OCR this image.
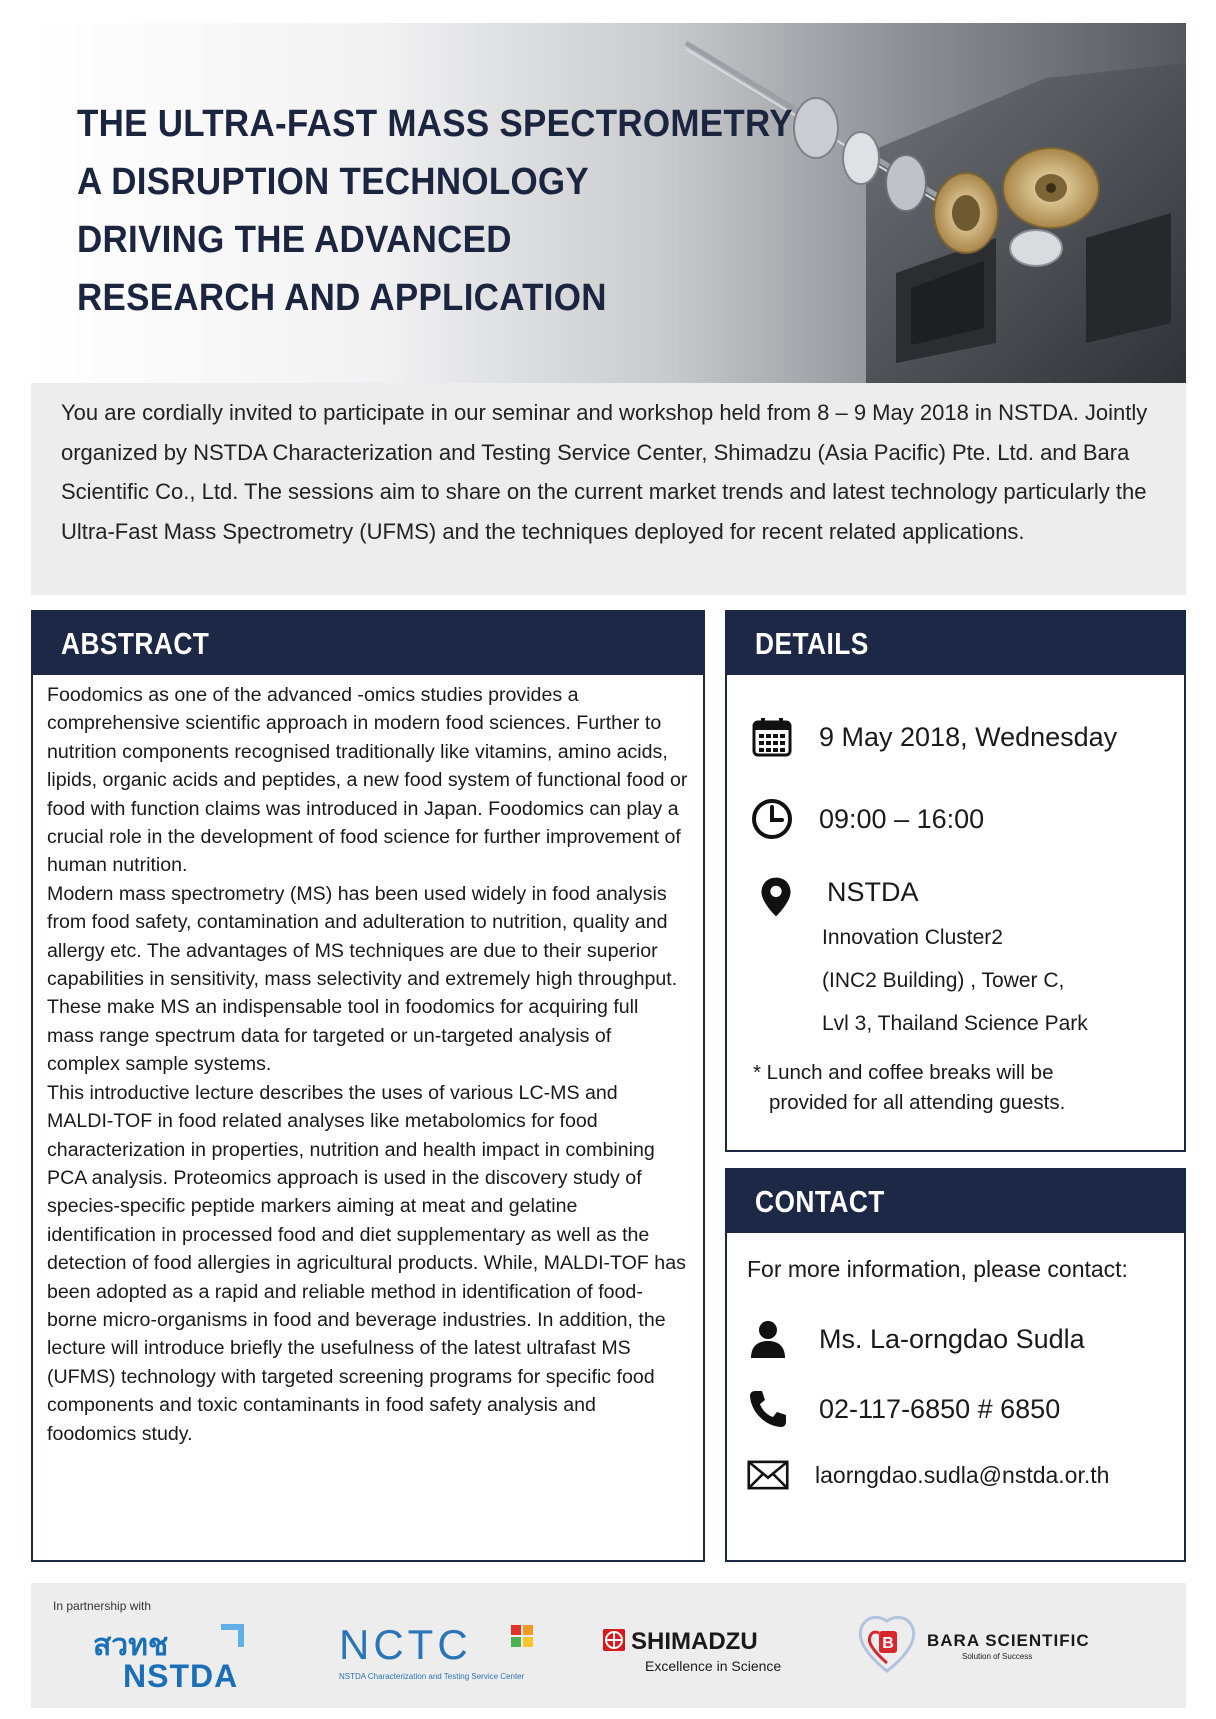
THE ULTRA-FAST MASS SPECTROMETRY
A DISRUPTION TECHNOLOGY
DRIVING THE ADVANCED
RESEARCH AND APPLICATION
You are cordially invited to participate in our seminar and workshop held from 8 – 9 May 2018 in NSTDA. Jointly organized by NSTDA Characterization and Testing Service Center, Shimadzu (Asia Pacific) Pte. Ltd. and Bara Scientific Co., Ltd. The sessions aim to share on the current market trends and latest technology particularly the Ultra-Fast Mass Spectrometry (UFMS) and the techniques deployed for recent related applications.
ABSTRACT

Foodomics as one of the advanced -omics studies provides a comprehensive scientific approach in modern food sciences. Further to nutrition components recognised traditionally like vitamins, amino acids, lipids, organic acids and peptides, a new food system of functional food or food with function claims was introduced in Japan. Foodomics can play a crucial role in the development of food science for further improvement of human nutrition.

Modern mass spectrometry (MS) has been used widely in food analysis from food safety, contamination and adulteration to nutrition, quality and allergy etc. The advantages of MS techniques are due to their superior capabilities in sensitivity, mass selectivity and extremely high throughput. These make MS an indispensable tool in foodomics for acquiring full mass range spectrum data for targeted or un-targeted analysis of complex sample systems.

This introductive lecture describes the uses of various LC-MS and MALDI-TOF in food related analyses like metabolomics for food characterization in properties, nutrition and health impact in combining PCA analysis. Proteomics approach is used in the discovery study of species-specific peptide markers aiming at meat and gelatine identification in processed food and diet supplementary as well as the detection of food allergies in agricultural products. While, MALDI-TOF has been adopted as a rapid and reliable method in identification of food-borne micro-organisms in food and beverage industries. In addition, the lecture will introduce briefly the usefulness of the latest ultrafast MS (UFMS) technology with targeted screening programs for specific food components and toxic contaminants in food safety analysis and foodomics study.

DETAILS
9 May 2018, Wednesday
09:00 – 16:00
NSTDA
Innovation Cluster2
(INC2 Building) , Tower C,
Lvl 3, Thailand Science Park
* Lunch and coffee breaks will be
provided for all attending guests.
CONTACT
For more information, please contact:
Ms. La-orngdao Sudla
02-117-6850 # 6850
laorngdao.sudla@nstda.or.th
In partnership with
สวทช
NSTDA
NCTC
NSTDA Characterization and Testing Service Center
SHIMADZU
Excellence in Science
B BARA SCIENTIFIC
Solution of Success
